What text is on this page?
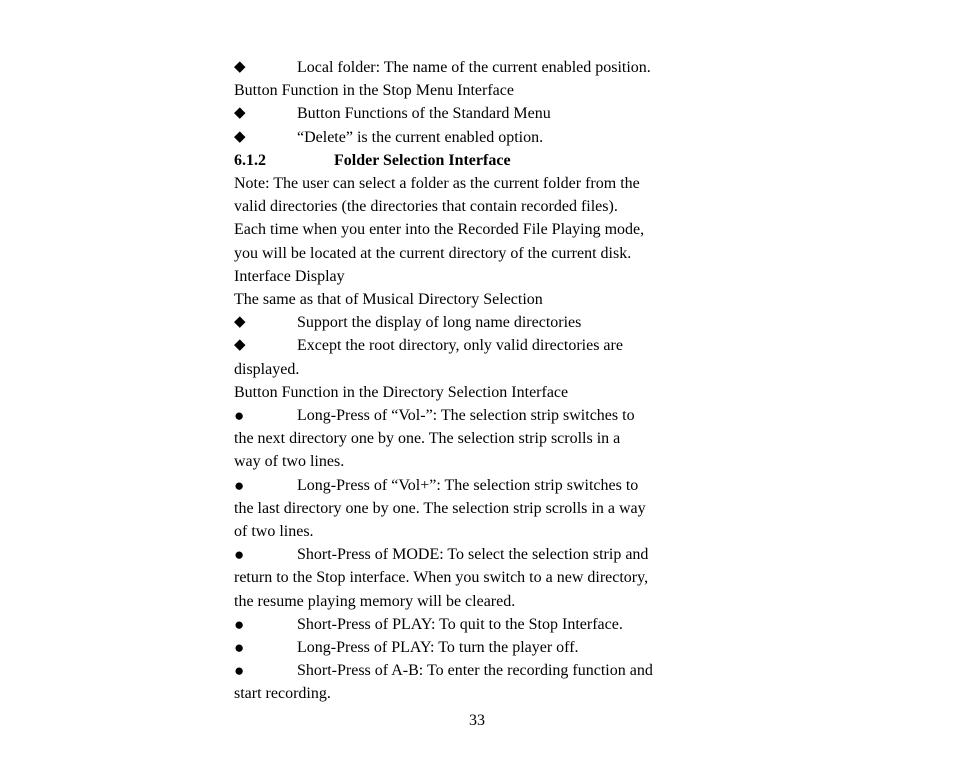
◆	Local folder: The name of the current enabled position.
Button Function in the Stop Menu Interface
◆	Button Functions of the Standard Menu
◆	“Delete” is the current enabled option.
6.1.2	Folder Selection Interface
Note: The user can select a folder as the current folder from the
valid directories (the directories that contain recorded files).
Each time when you enter into the Recorded File Playing mode,
you will be located at the current directory of the current disk.
Interface Display
The same as that of Musical Directory Selection
◆	Support the display of long name directories
◆	Except the root directory, only valid directories are
displayed.
Button Function in the Directory Selection Interface
●	Long-Press of “Vol-”: The selection strip switches to
the next directory one by one. The selection strip scrolls in a
way of two lines.
●	Long-Press of “Vol+”: The selection strip switches to
the last directory one by one. The selection strip scrolls in a way
of two lines.
●	Short-Press of MODE: To select the selection strip and
return to the Stop interface. When you switch to a new directory,
the resume playing memory will be cleared.
●	Short-Press of PLAY: To quit to the Stop Interface.
●	Long-Press of PLAY: To turn the player off.
●	Short-Press of A-B: To enter the recording function and
start recording.
33
